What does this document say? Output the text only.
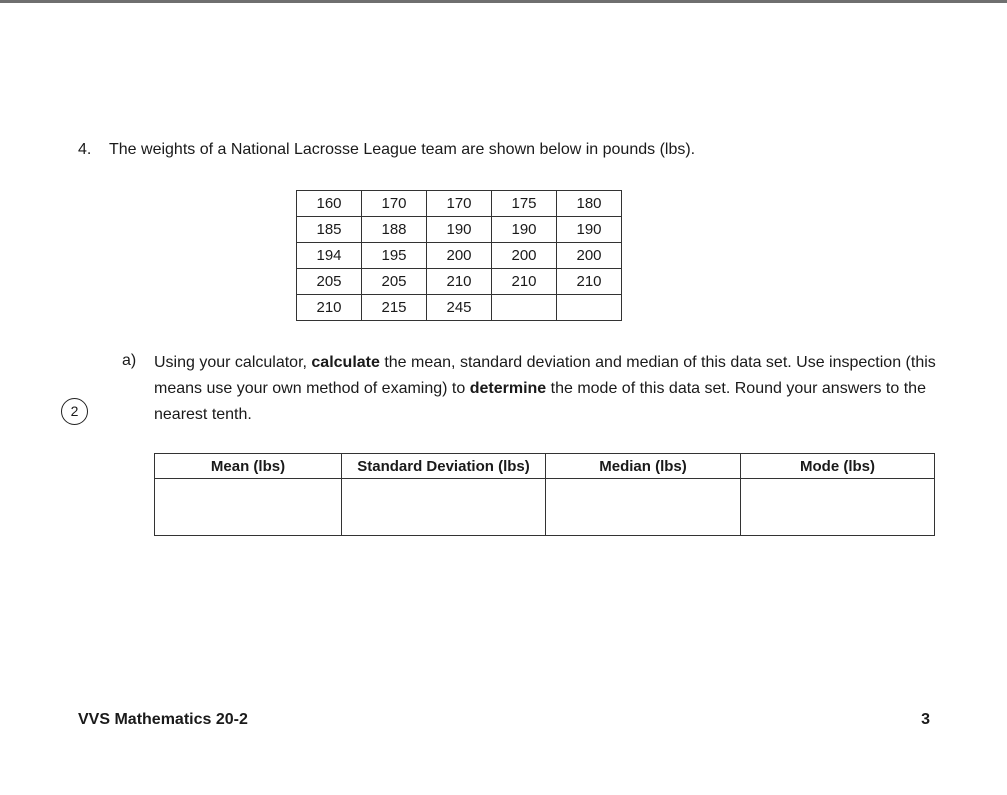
4. The weights of a National Lacrosse League team are shown below in pounds (lbs).
160	170	170	175	180
185	188	190	190	190
194	195	200	200	200
205	205	210	210	210
210	215	245		
a) Using your calculator, calculate the mean, standard deviation and median of this data set. Use inspection (this means use your own method of examing) to determine the mode of this data set. Round your answers to the nearest tenth.
2
Mean (lbs)	Standard Deviation (lbs)	Median (lbs)	Mode (lbs)

VVS Mathematics 20-2	3
